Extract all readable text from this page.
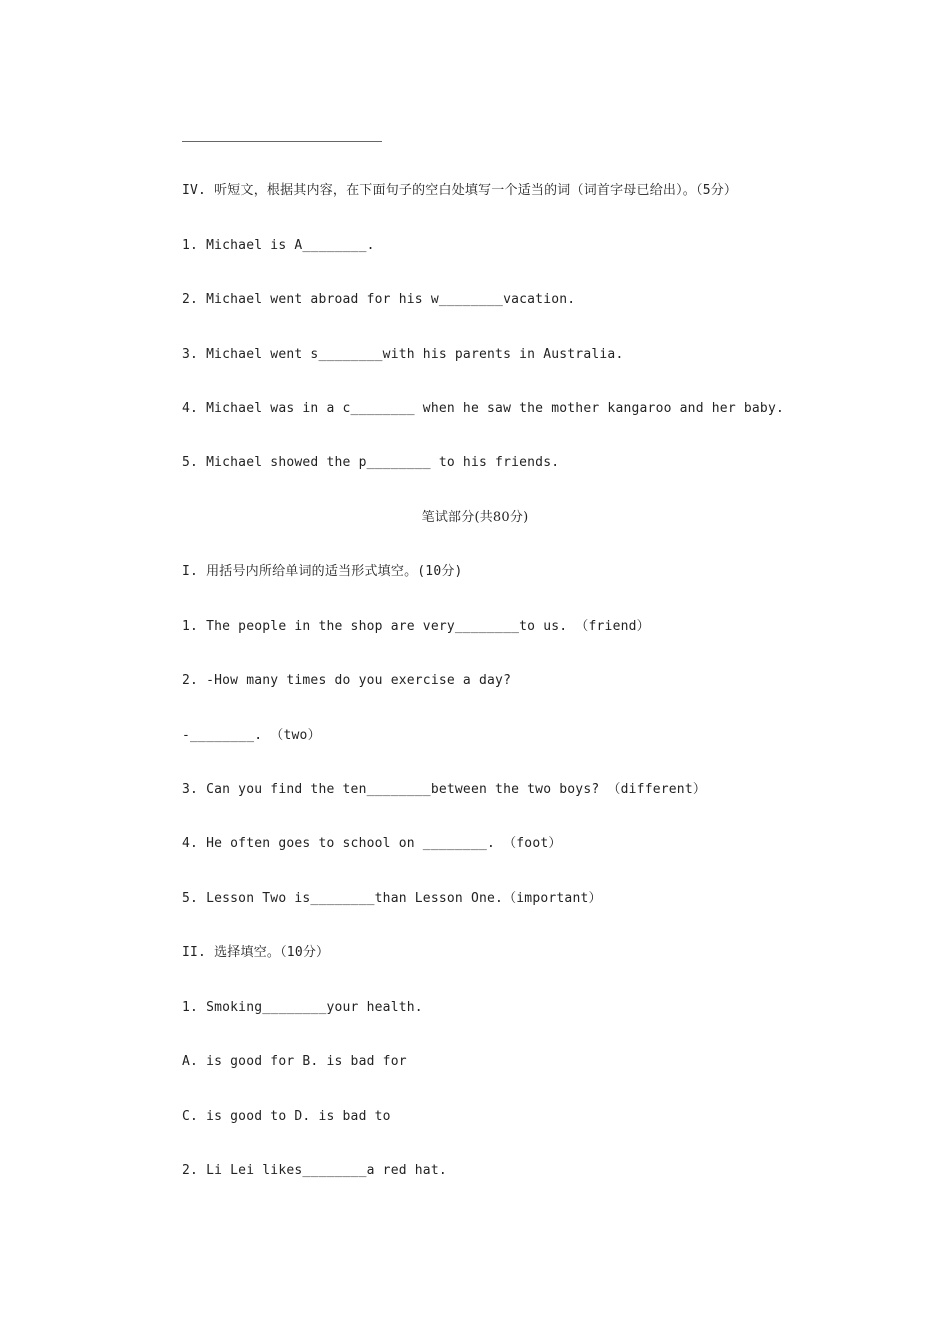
IV. 听短文，根据其内容，在下面句子的空白处填写一个适当的词（词首字母已给出）。（5分）
1. Michael is A________.
2. Michael went abroad for his w________vacation.
3. Michael went s________with his parents in Australia.
4. Michael was in a c________ when he saw the mother kangaroo and her baby.
5. Michael showed the p________ to his friends.
笔试部分(共80分)
I. 用括号内所给单词的适当形式填空。(10分)
1. The people in the shop are very________to us. （friend）
2. -How many times do you exercise a day?
-________. （two）
3. Can you find the ten________between the two boys? （different）
4. He often goes to school on ________. （foot）
5. Lesson Two is________than Lesson One.（important）
II. 选择填空。（10分）
1. Smoking________your health.
A. is good for B. is bad for
C. is good to D. is bad to
2. Li Lei likes________a red hat.
